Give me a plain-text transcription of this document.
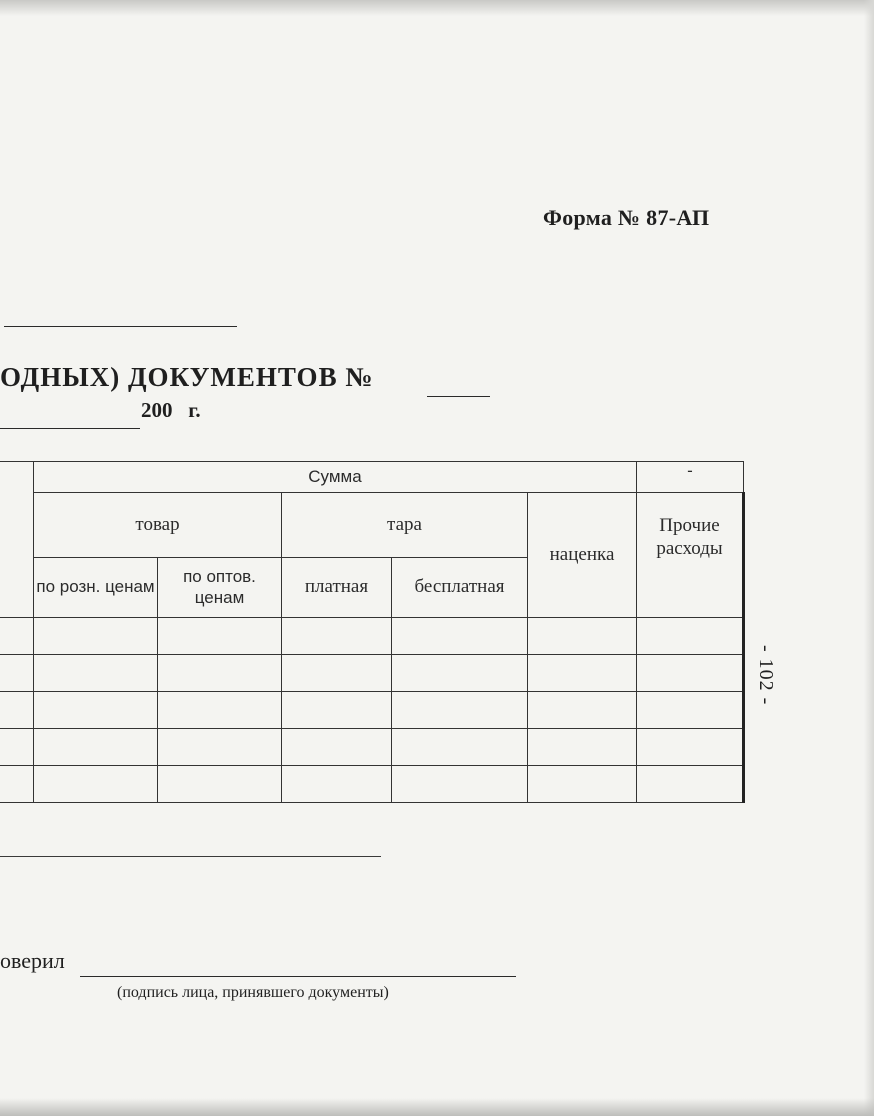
Форма № 87-АП
ОДНЫХ) ДОКУМЕНТОВ №
200   г.
	Сумма					-
	товар		тара		наценка	Прочие расходы
	по розн. ценам	по оптов. ценам	платная	бесплатная		

- 102 -
оверил
(подпись лица, принявшего документы)
